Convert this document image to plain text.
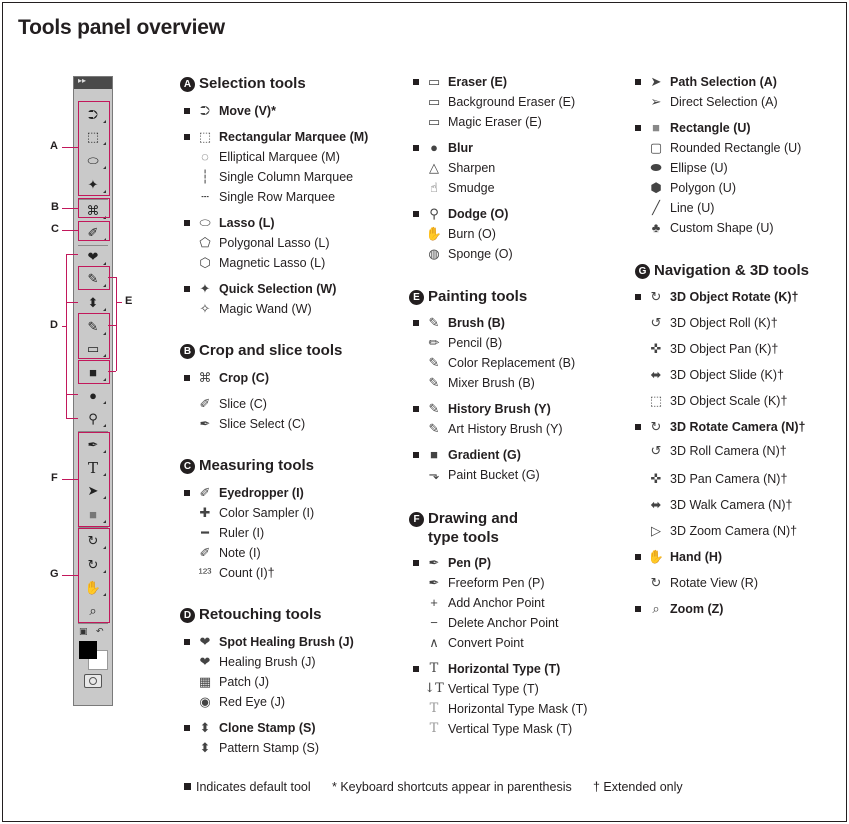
Tools panel overview
▸▸
⮊
⬚
⬭
✦
⌘
✐
❤
✎
⬍
✎
▭
■
●
⚲
✒
T
➤
■
↻
↻
✋
⌕
▣ ↶
A
B
C
D
E
F
G
A Selection tools
⮊ Move (V)*
⬚ Rectangular Marquee (M)
◌ Elliptical Marquee (M)
┆ Single Column Marquee
┄ Single Row Marquee
⬭ Lasso (L)
⬠ Polygonal Lasso (L)
⬡ Magnetic Lasso (L)
✦ Quick Selection (W)
✧ Magic Wand (W)
B Crop and slice tools
⌘ Crop (C)
✐ Slice (C)
✒ Slice Select (C)
C Measuring tools
✐ Eyedropper (I)
✚ Color Sampler (I)
━ Ruler (I)
✐ Note (I)
¹²³ Count (I)†
D Retouching tools
❤ Spot Healing Brush (J)
❤ Healing Brush (J)
▦ Patch (J)
◉ Red Eye (J)
⬍ Clone Stamp (S)
⬍ Pattern Stamp (S)
▭ Eraser (E)
▭ Background Eraser (E)
▭ Magic Eraser (E)
● Blur
△ Sharpen
☝ Smudge
⚲ Dodge (O)
✋ Burn (O)
◍ Sponge (O)
E Painting tools
✎ Brush (B)
✏ Pencil (B)
✎ Color Replacement (B)
✎ Mixer Brush (B)
✎ History Brush (Y)
✎ Art History Brush (Y)
■ Gradient (G)
⬎ Paint Bucket (G)
F Drawing and
type tools
✒ Pen (P)
✒ Freeform Pen (P)
+ Add Anchor Point
− Delete Anchor Point
∧ Convert Point
T Horizontal Type (T)
↓T Vertical Type (T)
T Horizontal Type Mask (T)
T Vertical Type Mask (T)
➤ Path Selection (A)
➢ Direct Selection (A)
■ Rectangle (U)
▢ Rounded Rectangle (U)
⬬ Ellipse (U)
⬢ Polygon (U)
╱ Line (U)
♣ Custom Shape (U)
G Navigation & 3D tools
↻ 3D Object Rotate (K)†
↺ 3D Object Roll (K)†
✜ 3D Object Pan (K)†
⬌ 3D Object Slide (K)†
⬚ 3D Object Scale (K)†
↻ 3D Rotate Camera (N)†
↺ 3D Roll Camera (N)†
✜ 3D Pan Camera (N)†
⬌ 3D Walk Camera (N)†
▷ 3D Zoom Camera (N)†
✋ Hand (H)
↻ Rotate View (R)
⌕ Zoom (Z)
Indicates default tool * Keyboard shortcuts appear in parenthesis † Extended only
